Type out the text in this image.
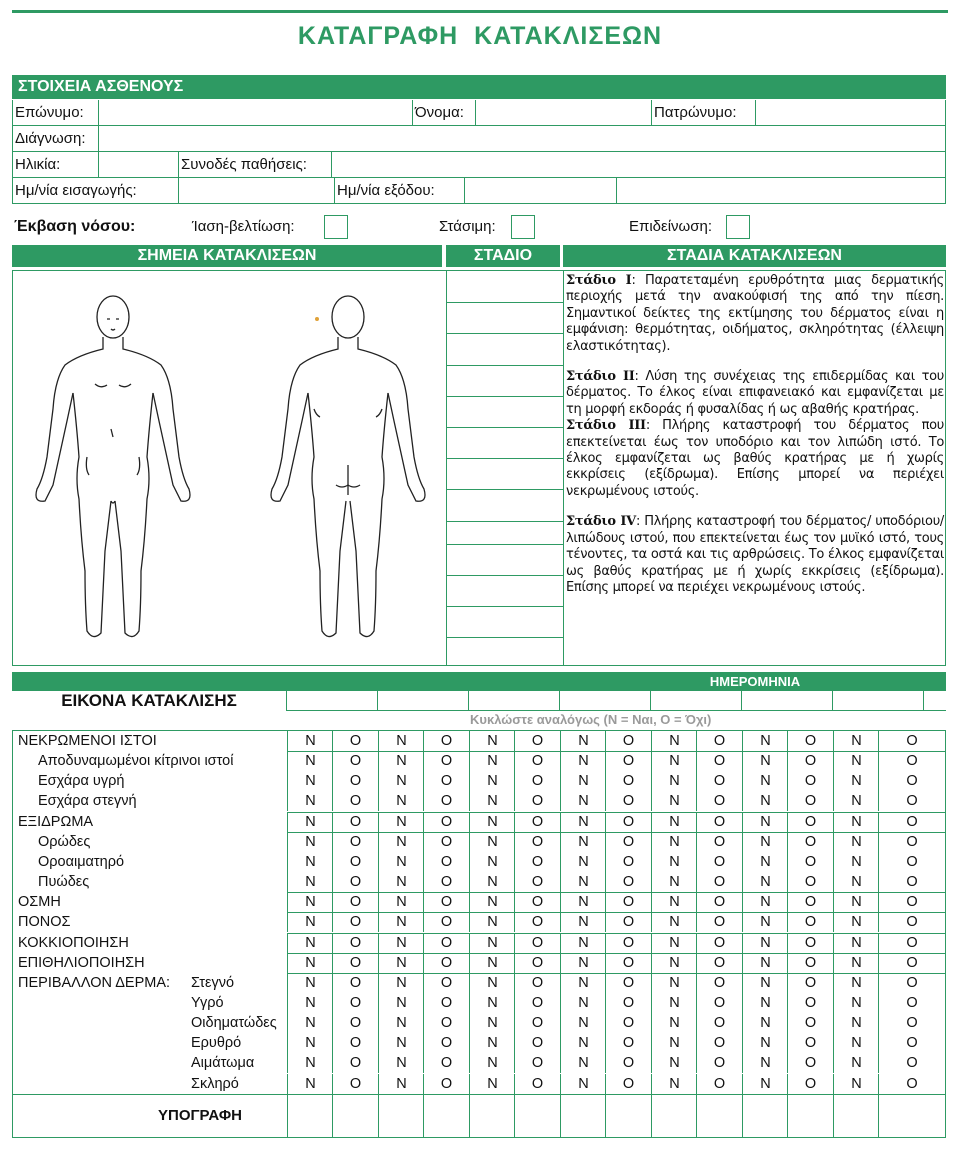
ΚΑΤΑΓΡΑΦΗ ΚΑΤΑΚΛΙΣΕΩΝ
ΣΤΟΙΧΕΙΑ ΑΣΘΕΝΟΥΣ
Επώνυμο:	Όνομα:	Πατρώνυμο:
Διάγνωση:
Ηλικία:	Συνοδές παθήσεις:
Ημ/νία εισαγωγής:	Ημ/νία εξόδου:
Έκβαση νόσου:	Ίαση-βελτίωση:	Στάσιμη:	Επιδείνωση:
ΣΗΜΕΙΑ ΚΑΤΑΚΛΙΣΕΩΝ	ΣΤΑΔΙΟ	ΣΤΑΔΙΑ ΚΑΤΑΚΛΙΣΕΩΝ

Στάδιο Ι: Παρατεταμένη ερυθρότητα μιας δερματικής περιοχής μετά την ανακούφισή της από την πίεση. Σημαντικοί δείκτες της εκτίμησης του δέρματος είναι η εμφάνιση: θερμότητας, οιδήματος, σκληρότητας (έλλειψη ελαστικότητας).

Στάδιο ΙΙ: Λύση της συνέχειας της επιδερμίδας και του δέρματος. Το έλκος είναι επιφανειακό και εμφανίζεται με τη μορφή εκδοράς ή φυσαλίδας ή ως αβαθής κρατήρας.

Στάδιο ΙΙΙ: Πλήρης καταστροφή του δέρματος που επεκτείνεται έως τον υποδόριο και τον λιπώδη ιστό. Το έλκος εμφανίζεται ως βαθύς κρατήρας με ή χωρίς εκκρίσεις (εξίδρωμα). Επίσης μπορεί να περιέχει νεκρωμένους ιστούς.

Στάδιο ΙV: Πλήρης καταστροφή του δέρματος/ υποδόριου/λιπώδους ιστού, που επεκτείνεται έως τον μυϊκό ιστό, τους τένοντες, τα οστά και τις αρθρώσεις. Το έλκος εμφανίζεται ως βαθύς κρατήρας με ή χωρίς εκκρίσεις (εξίδρωμα). Επίσης μπορεί να περιέχει νεκρωμένους ιστούς.

ΗΜΕΡΟΜΗΝΙΑ
ΕΙΚΟΝΑ ΚΑΤΑΚΛΙΣΗΣ
Κυκλώστε αναλόγως (Ν = Ναι, Ο = Όχι)
ΥΠΟΓΡΑΦΗ
ΝΕΚΡΩΜΕΝΟΙ ΙΣΤΟΙ	Ν	Ο	Ν	Ο	Ν	Ο	Ν	Ο	Ν	Ο	Ν	Ο	Ν	Ο
Αποδυναμωμένοι κίτρινοι ιστοί	Ν	Ο	Ν	Ο	Ν	Ο	Ν	Ο	Ν	Ο	Ν	Ο	Ν	Ο
Εσχάρα υγρή	Ν	Ο	Ν	Ο	Ν	Ο	Ν	Ο	Ν	Ο	Ν	Ο	Ν	Ο
Εσχάρα στεγνή	Ν	Ο	Ν	Ο	Ν	Ο	Ν	Ο	Ν	Ο	Ν	Ο	Ν	Ο
ΕΞΙΔΡΩΜΑ	Ν	Ο	Ν	Ο	Ν	Ο	Ν	Ο	Ν	Ο	Ν	Ο	Ν	Ο
Ορώδες	Ν	Ο	Ν	Ο	Ν	Ο	Ν	Ο	Ν	Ο	Ν	Ο	Ν	Ο
Οροαιματηρό	Ν	Ο	Ν	Ο	Ν	Ο	Ν	Ο	Ν	Ο	Ν	Ο	Ν	Ο
Πυώδες	Ν	Ο	Ν	Ο	Ν	Ο	Ν	Ο	Ν	Ο	Ν	Ο	Ν	Ο
ΟΣΜΗ	Ν	Ο	Ν	Ο	Ν	Ο	Ν	Ο	Ν	Ο	Ν	Ο	Ν	Ο
ΠΟΝΟΣ	Ν	Ο	Ν	Ο	Ν	Ο	Ν	Ο	Ν	Ο	Ν	Ο	Ν	Ο
ΚΟΚΚΙΟΠΟΙΗΣΗ	Ν	Ο	Ν	Ο	Ν	Ο	Ν	Ο	Ν	Ο	Ν	Ο	Ν	Ο
ΕΠΙΘΗΛΙΟΠΟΙΗΣΗ	Ν	Ο	Ν	Ο	Ν	Ο	Ν	Ο	Ν	Ο	Ν	Ο	Ν	Ο
ΠΕΡΙΒΑΛΛΟΝ ΔΕΡΜΑ: Στεγνό	Ν	Ο	Ν	Ο	Ν	Ο	Ν	Ο	Ν	Ο	Ν	Ο	Ν	Ο
Υγρό	Ν	Ο	Ν	Ο	Ν	Ο	Ν	Ο	Ν	Ο	Ν	Ο	Ν	Ο
Οιδηματώδες	Ν	Ο	Ν	Ο	Ν	Ο	Ν	Ο	Ν	Ο	Ν	Ο	Ν	Ο
Ερυθρό	Ν	Ο	Ν	Ο	Ν	Ο	Ν	Ο	Ν	Ο	Ν	Ο	Ν	Ο
Αιμάτωμα	Ν	Ο	Ν	Ο	Ν	Ο	Ν	Ο	Ν	Ο	Ν	Ο	Ν	Ο
Σκληρό	Ν	Ο	Ν	Ο	Ν	Ο	Ν	Ο	Ν	Ο	Ν	Ο	Ν	Ο
